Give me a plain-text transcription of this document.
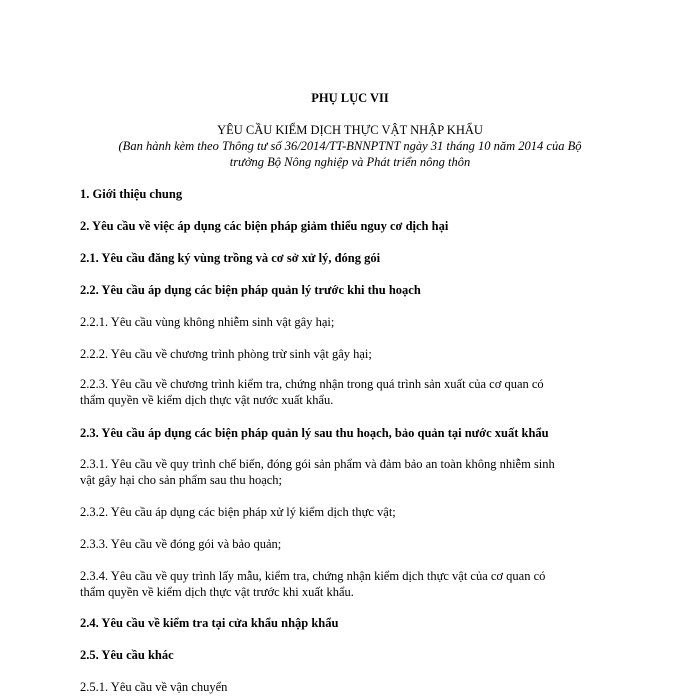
PHỤ LỤC VII
YÊU CẦU KIỂM DỊCH THỰC VẬT NHẬP KHẨU
(Ban hành kèm theo Thông tư số 36/2014/TT-BNNPTNT ngày 31 tháng 10 năm 2014 của Bộ
trưởng Bộ Nông nghiệp và Phát triển nông thôn
1. Giới thiệu chung
2. Yêu cầu về việc áp dụng các biện pháp giảm thiểu nguy cơ dịch hại
2.1. Yêu cầu đăng ký vùng trồng và cơ sở xử lý, đóng gói
2.2. Yêu cầu áp dụng các biện pháp quản lý trước khi thu hoạch
2.2.1. Yêu cầu vùng không nhiễm sinh vật gây hại;
2.2.2. Yêu cầu về chương trình phòng trừ sinh vật gây hại;
2.2.3. Yêu cầu về chương trình kiểm tra, chứng nhận trong quá trình sản xuất của cơ quan có
thẩm quyền về kiểm dịch thực vật nước xuất khẩu.
2.3. Yêu cầu áp dụng các biện pháp quản lý sau thu hoạch, bảo quản tại nước xuất khẩu
2.3.1. Yêu cầu về quy trình chế biến, đóng gói sản phẩm và đảm bảo an toàn không nhiễm sinh
vật gây hại cho sản phẩm sau thu hoạch;
2.3.2. Yêu cầu áp dụng các biện pháp xử lý kiểm dịch thực vật;
2.3.3. Yêu cầu về đóng gói và bảo quản;
2.3.4. Yêu cầu về quy trình lấy mẫu, kiểm tra, chứng nhận kiểm dịch thực vật của cơ quan có
thẩm quyền về kiểm dịch thực vật trước khi xuất khẩu.
2.4. Yêu cầu về kiểm tra tại cửa khẩu nhập khẩu
2.5. Yêu cầu khác
2.5.1. Yêu cầu về vận chuyển
